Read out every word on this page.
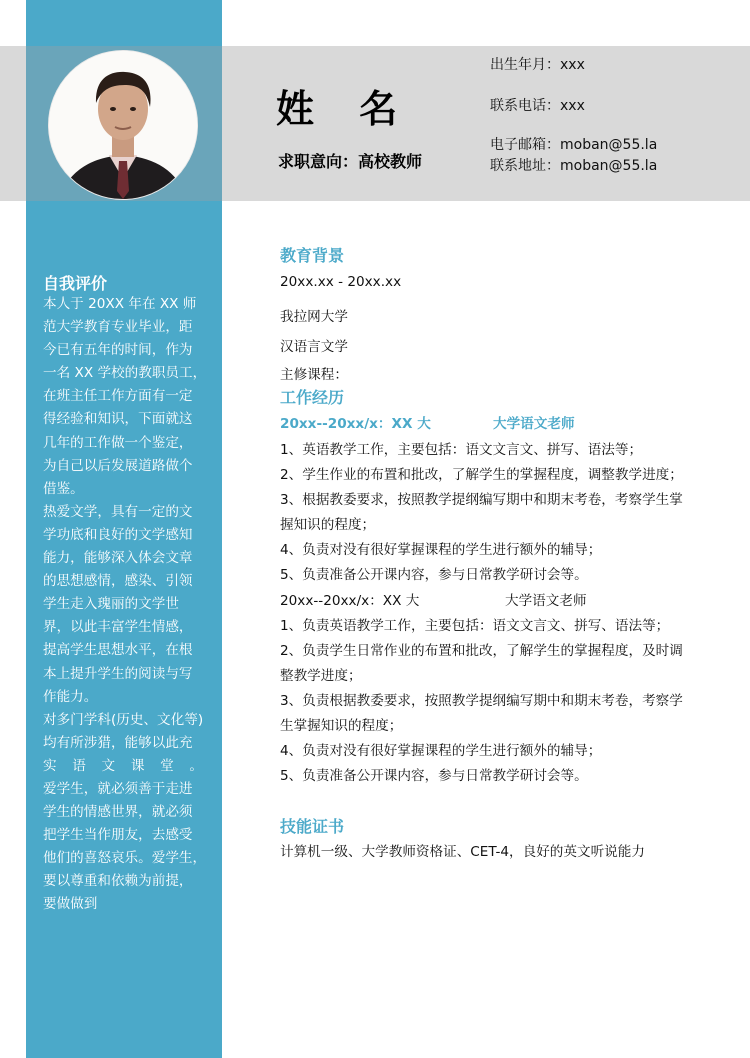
姓 名
求职意向：高校教师
出生年月：xxx
联系电话：xxx
电子邮箱：moban@55.la
联系地址：moban@55.la
自我评价
本人于 20XX 年在 XX 师
范大学教育专业毕业，距
今已有五年的时间，作为
一名 XX 学校的教职员工，
在班主任工作方面有一定
得经验和知识，下面就这
几年的工作做一个鉴定，
为自己以后发展道路做个
借鉴。
热爱文学，具有一定的文
学功底和良好的文学感知
能力，能够深入体会文章
的思想感情，感染、引领
学生走入瑰丽的文学世
界，以此丰富学生情感，
提高学生思想水平，在根
本上提升学生的阅读与写
作能力。
对多门学科(历史、文化等)
均有所涉猎，能够以此充
实 语 文 课 堂 。
爱学生，就必须善于走进
学生的情感世界，就必须
把学生当作朋友，去感受
他们的喜怒哀乐。爱学生，
要以尊重和依赖为前提，
要做做到
教育背景
20xx.xx - 20xx.xx
我拉网大学
汉语言文学
主修课程：
工作经历
20xx--20xx/x：XX 大	大学语文老师
1、英语教学工作，主要包括：语文文言文、拼写、语法等；
2、学生作业的布置和批改，了解学生的掌握程度，调整教学进度；
3、根据教委要求，按照教学提纲编写期中和期末考卷，考察学生掌
握知识的程度；
4、负责对没有很好掌握课程的学生进行额外的辅导；
5、负责准备公开课内容，参与日常教学研讨会等。
20xx--20xx/x：XX 大	大学语文老师
1、负责英语教学工作，主要包括：语文文言文、拼写、语法等；
2、负责学生日常作业的布置和批改，了解学生的掌握程度，及时调
整教学进度；
3、负责根据教委要求，按照教学提纲编写期中和期末考卷，考察学
生掌握知识的程度；
4、负责对没有很好掌握课程的学生进行额外的辅导；
5、负责准备公开课内容，参与日常教学研讨会等。
技能证书
计算机一级、大学教师资格证、CET-4，良好的英文听说能力
